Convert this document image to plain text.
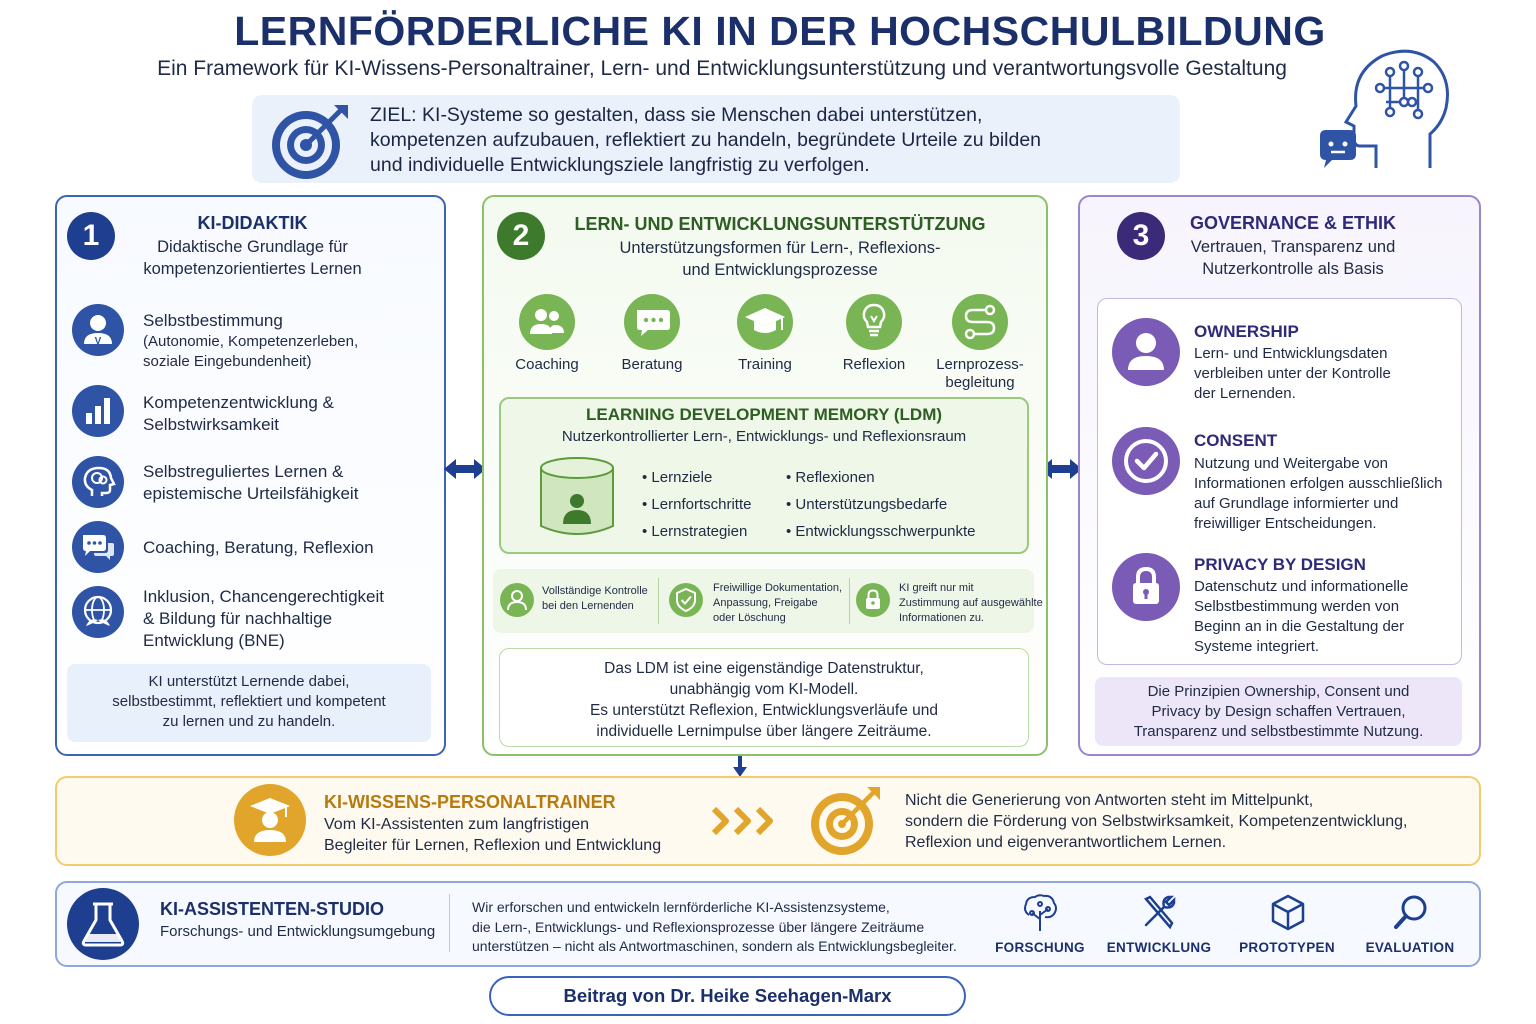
LERNFÖRDERLICHE KI IN DER HOCHSCHULBILDUNG
Ein Framework für KI-Wissens-Personaltrainer, Lern- und Entwicklungsunterstützung und verantwortungsvolle Gestaltung
ZIEL: KI-Systeme so gestalten, dass sie Menschen dabei unterstützen,
kompetenzen aufzubauen, reflektiert zu handeln, begründete Urteile zu bilden
und individuelle Entwicklungsziele langfristig zu verfolgen.
1	KI-DIDAKTIK
Didaktische Grundlage für
kompetenzorientiertes Lernen
V
Selbstbestimmung
(Autonomie, Kompetenzerleben,
soziale Eingebundenheit)
Kompetenzentwicklung &
Selbstwirksamkeit
Selbstreguliertes Lernen &
epistemische Urteilsfähigkeit
Coaching, Beratung, Reflexion
Inklusion, Chancengerechtigkeit
& Bildung für nachhaltige
Entwicklung (BNE)
KI unterstützt Lernende dabei,
selbstbestimmt, reflektiert und kompetent
zu lernen und zu handeln.
2	LERN- UND ENTWICKLUNGSUNTERSTÜTZUNG
Unterstützungsformen für Lern-, Reflexions-
und Entwicklungsprozesse
Coaching	Beratung	Training	Reflexion	Lernprozess-
begleitung
LEARNING DEVELOPMENT MEMORY (LDM)
Nutzerkontrollierter Lern-, Entwicklungs- und Reflexionsraum
• Lernziele
• Lernfortschritte
• Lernstrategien
• Reflexionen
• Unterstützungsbedarfe
• Entwicklungsschwerpunkte
Vollständige Kontrolle
bei den Lernenden
Freiwillige Dokumentation,
Anpassung, Freigabe
oder Löschung
KI greift nur mit
Zustimmung auf ausgewählte
Informationen zu.
Das LDM ist eine eigenständige Datenstruktur,
unabhängig vom KI-Modell.
Es unterstützt Reflexion, Entwicklungsverläufe und
individuelle Lernimpulse über längere Zeiträume.
3	GOVERNANCE & ETHIK
Vertrauen, Transparenz und
Nutzerkontrolle als Basis
OWNERSHIP
Lern- und Entwicklungsdaten
verbleiben unter der Kontrolle
der Lernenden.
CONSENT
Nutzung und Weitergabe von
Informationen erfolgen ausschließlich
auf Grundlage informierter und
freiwilliger Entscheidungen.
PRIVACY BY DESIGN
Datenschutz und informationelle
Selbstbestimmung werden von
Beginn an in die Gestaltung der
Systeme integriert.
Die Prinzipien Ownership, Consent und
Privacy by Design schaffen Vertrauen,
Transparenz und selbstbestimmte Nutzung.
KI-WISSENS-PERSONALTRAINER
Vom KI-Assistenten zum langfristigen
Begleiter für Lernen, Reflexion und Entwicklung
Nicht die Generierung von Antworten steht im Mittelpunkt,
sondern die Förderung von Selbstwirksamkeit, Kompetenzentwicklung,
Reflexion und eigenverantwortlichem Lernen.
KI-ASSISTENTEN-STUDIO
Forschungs- und Entwicklungsumgebung
Wir erforschen und entwickeln lernförderliche KI-Assistenzsysteme,
die Lern-, Entwicklungs- und Reflexionsprozesse über längere Zeiträume
unterstützen – nicht als Antwortmaschinen, sondern als Entwicklungsbegleiter.	FORSCHUNG	ENTWICKLUNG	PROTOTYPEN	EVALUATION
Beitrag von Dr. Heike Seehagen-Marx
